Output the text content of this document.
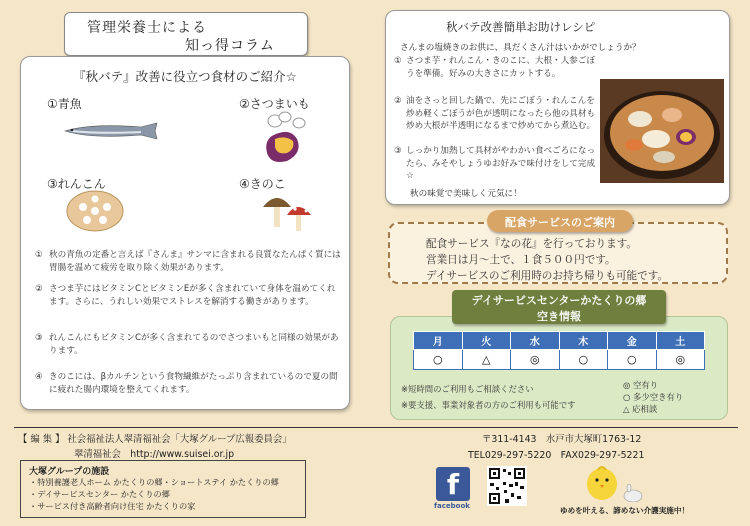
管理栄養士による
知っ得コラム
『秋バテ』改善に役立つ食材のご紹介☆
①青魚	②さつまいも
③れんこん	④きのこ
① 秋の青魚の定番と言えば『さんま』サンマに含まれる良質なたんぱく質には胃腸を温めて疲労を取り除く効果があります。
② さつま芋にはビタミンCとビタミンEが多く含まれていて身体を温めてくれます。さらに、うれしい効果でストレスを解消する働きがあります。
③ れんこんにもビタミンCが多く含まれてるのでさつまいもと同様の効果があります。
④ きのこには、βカルチンという食物繊維がたっぷり含まれているので夏の間に疲れた腸内環境を整えてくれます。
秋バテ改善簡単お助けレシピ
さんまの塩焼きのお供に、具だくさん汁はいかがでしょうか？
① さつま芋・れんこん・きのこに、大根・人参ごぼうを準備。好みの大きさにカットする。
② 油をさっと回した鍋で、先にごぼう・れんこんを炒め軽くごぼうが色が透明になったら他の具材も炒め大根が半透明になるまで炒めてから煮込む。
③ しっかり加熱して具材がやわかい食べごろになったら、みそやしょうゆお好みで味付けをして完成☆
秋の味覚で美味しく元気に！
配食サービス『なの花』を行っております。
営業日は月～土で、１食５００円です。
デイサービスのご利用時のお持ち帰りも可能です。
配食サービスのご案内
月	火	水	木	金	土
○	△	◎	○	○	◎
※短時間のご利用もご相談ください
※要支援、事業対象者の方のご利用も可能です
◎ 空有り
○ 多少空き有り
△ 応相談
デイサービスセンターかたくりの郷
空き情報
【 編 集 】 社会福祉法人翠清福祉会「大塚グループ広報委員会」
翠清福祉会　http://www.suisei.or.jp
〒311-4143　水戸市大塚町1763-12
TEL029-297-5220　FAX029-297-5221
大塚グループの施設
・特別養護老人ホーム かたくりの郷・ショートステイ かたくりの郷
・デイサービスセンター かたくりの郷
・サービス付き高齢者向け住宅 かたくりの家
f
facebook	ゆめを叶える、諦めない介護実施中！
